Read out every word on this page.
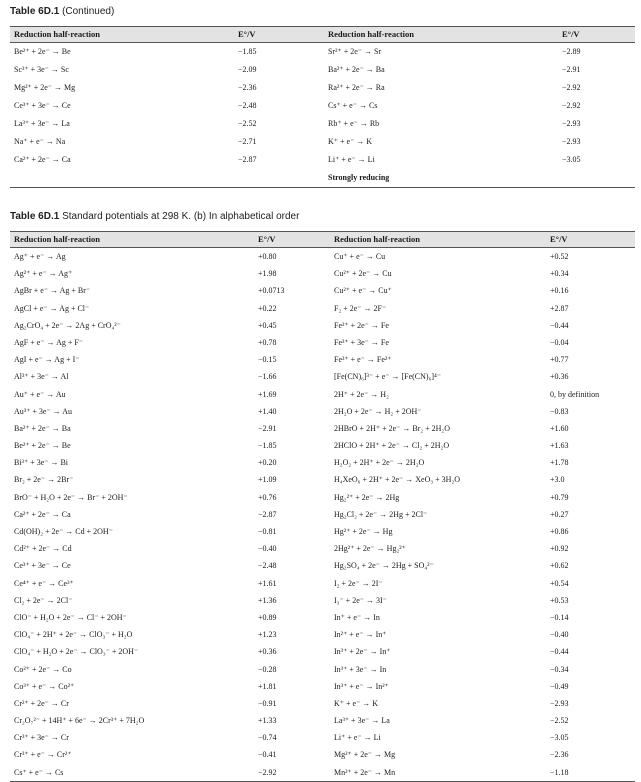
Table 6D.1 (Continued)
Reduction half-reaction	E°/V	Reduction half-reaction	E°/V
Be²⁺ + 2e⁻ → Be	−1.85	Sr²⁺ + 2e⁻ → Sr	−2.89
Sc³⁺ + 3e⁻ → Sc	−2.09	Ba²⁺ + 2e⁻ → Ba	−2.91
Mg²⁺ + 2e⁻ → Mg	−2.36	Ra²⁺ + 2e⁻ → Ra	−2.92
Ce³⁺ + 3e⁻ → Ce	−2.48	Cs⁺ + e⁻ → Cs	−2.92
La³⁺ + 3e⁻ → La	−2.52	Rb⁺ + e⁻ → Rb	−2.93
Na⁺ + e⁻ → Na	−2.71	K⁺ + e⁻ → K	−2.93
Ca²⁺ + 2e⁻ → Ca	−2.87	Li⁺ + e⁻ → Li	−3.05
Strongly reducing
Table 6D.1 Standard potentials at 298 K. (b) In alphabetical order
Reduction half-reaction	E°/V	Reduction half-reaction	E°/V
Ag⁺ + e⁻ → Ag	+0.80	Cu⁺ + e⁻ → Cu	+0.52
Ag²⁺ + e⁻ → Ag⁺	+1.98	Cu²⁺ + 2e⁻ → Cu	+0.34
AgBr + e⁻ → Ag + Br⁻	+0.0713	Cu²⁺ + e⁻ → Cu⁺	+0.16
AgCl + e⁻ → Ag + Cl⁻	+0.22	F₂ + 2e⁻ → 2F⁻	+2.87
Ag₂CrO₄ + 2e⁻ → 2Ag + CrO₄²⁻	+0.45	Fe²⁺ + 2e⁻ → Fe	−0.44
AgF + e⁻ → Ag + F⁻	+0.78	Fe³⁺ + 3e⁻ → Fe	−0.04
AgI + e⁻ → Ag + I⁻	−0.15	Fe³⁺ + e⁻ → Fe²⁺	+0.77
Al³⁺ + 3e⁻ → Al	−1.66	[Fe(CN)₆]³⁻ + e⁻ → [Fe(CN)₆]⁴⁻	+0.36
Au⁺ + e⁻ → Au	+1.69	2H⁺ + 2e⁻ → H₂	0, by definition
Au³⁺ + 3e⁻ → Au	+1.40	2H₂O + 2e⁻ → H₂ + 2OH⁻	−0.83
Ba²⁺ + 2e⁻ → Ba	−2.91	2HBrO + 2H⁺ + 2e⁻ → Br₂ + 2H₂O	+1.60
Be²⁺ + 2e⁻ → Be	−1.85	2HClO + 2H⁺ + 2e⁻ → Cl₂ + 2H₂O	+1.63
Bi³⁺ + 3e⁻ → Bi	+0.20	H₂O₂ + 2H⁺ + 2e⁻ → 2H₂O	+1.78
Br₂ + 2e⁻ → 2Br⁻	+1.09	H₄XeO₆ + 2H⁺ + 2e⁻ → XeO₃ + 3H₂O	+3.0
BrO⁻ + H₂O + 2e⁻ → Br⁻ + 2OH⁻	+0.76	Hg₂²⁺ + 2e⁻ → 2Hg	+0.79
Ca²⁺ + 2e⁻ → Ca	−2.87	Hg₂Cl₂ + 2e⁻ → 2Hg + 2Cl⁻	+0.27
Cd(OH)₂ + 2e⁻ → Cd + 2OH⁻	−0.81	Hg²⁺ + 2e⁻ → Hg	+0.86
Cd²⁺ + 2e⁻ → Cd	−0.40	2Hg²⁺ + 2e⁻ → Hg₂²⁺	+0.92
Ce³⁺ + 3e⁻ → Ce	−2.48	Hg₂SO₄ + 2e⁻ → 2Hg + SO₄²⁻	+0.62
Ce⁴⁺ + e⁻ → Ce³⁺	+1.61	I₂ + 2e⁻ → 2I⁻	+0.54
Cl₂ + 2e⁻ → 2Cl⁻	+1.36	I₃⁻ + 2e⁻ → 3I⁻	+0.53
ClO⁻ + H₂O + 2e⁻ → Cl⁻ + 2OH⁻	+0.89	In⁺ + e⁻ → In	−0.14
ClO₄⁻ + 2H⁺ + 2e⁻ → ClO₃⁻ + H₂O	+1.23	In²⁺ + e⁻ → In⁺	−0.40
ClO₄⁻ + H₂O + 2e⁻ → ClO₃⁻ + 2OH⁻	+0.36	In³⁺ + 2e⁻ → In⁺	−0.44
Co²⁺ + 2e⁻ → Co	−0.28	In³⁺ + 3e⁻ → In	−0.34
Co³⁺ + e⁻ → Co²⁺	+1.81	In³⁺ + e⁻ → In²⁺	−0.49
Cr²⁺ + 2e⁻ → Cr	−0.91	K⁺ + e⁻ → K	−2.93
Cr₂O₇²⁻ + 14H⁺ + 6e⁻ → 2Cr³⁺ + 7H₂O	+1.33	La³⁺ + 3e⁻ → La	−2.52
Cr³⁺ + 3e⁻ → Cr	−0.74	Li⁺ + e⁻ → Li	−3.05
Cr³⁺ + e⁻ → Cr²⁺	−0.41	Mg²⁺ + 2e⁻ → Mg	−2.36
Cs⁺ + e⁻ → Cs	−2.92	Mn²⁺ + 2e⁻ → Mn	−1.18
